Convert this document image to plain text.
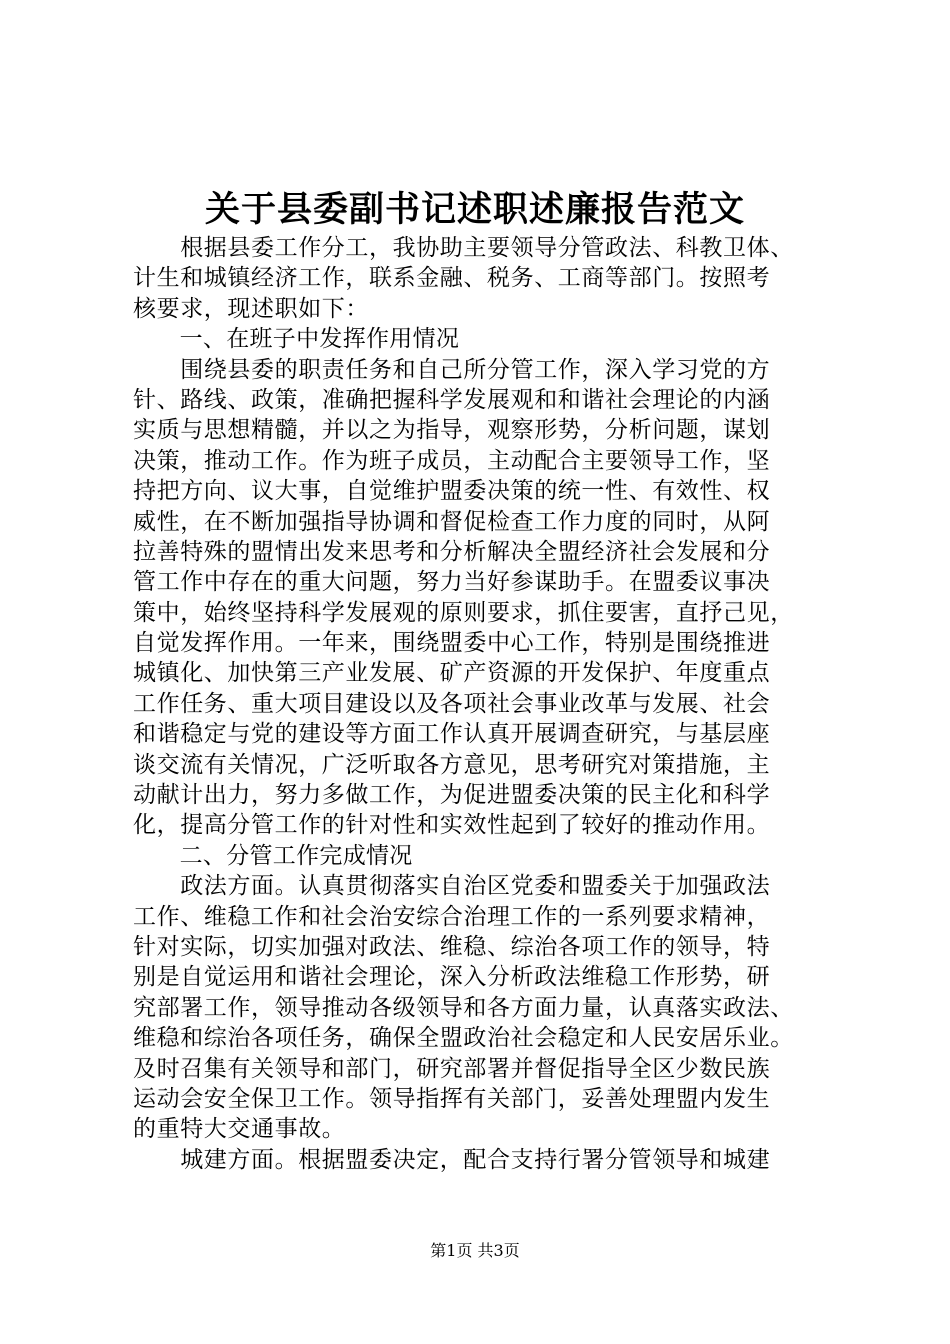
关于县委副书记述职述廉报告范文
　　根据县委工作分工，我协助主要领导分管政法、科教卫体、
计生和城镇经济工作，联系金融、税务、工商等部门。按照考
核要求，现述职如下：
　　一、在班子中发挥作用情况
　　围绕县委的职责任务和自己所分管工作，深入学习党的方
针、路线、政策，准确把握科学发展观和和谐社会理论的内涵
实质与思想精髓，并以之为指导，观察形势，分析问题，谋划
决策，推动工作。作为班子成员，主动配合主要领导工作，坚
持把方向、议大事，自觉维护盟委决策的统一性、有效性、权
威性，在不断加强指导协调和督促检查工作力度的同时，从阿
拉善特殊的盟情出发来思考和分析解决全盟经济社会发展和分
管工作中存在的重大问题，努力当好参谋助手。在盟委议事决
策中，始终坚持科学发展观的原则要求，抓住要害，直抒己见，
自觉发挥作用。一年来，围绕盟委中心工作，特别是围绕推进
城镇化、加快第三产业发展、矿产资源的开发保护、年度重点
工作任务、重大项目建设以及各项社会事业改革与发展、社会
和谐稳定与党的建设等方面工作认真开展调查研究，与基层座
谈交流有关情况，广泛听取各方意见，思考研究对策措施，主
动献计出力，努力多做工作，为促进盟委决策的民主化和科学
化，提高分管工作的针对性和实效性起到了较好的推动作用。
　　二、分管工作完成情况
　　政法方面。认真贯彻落实自治区党委和盟委关于加强政法
工作、维稳工作和社会治安综合治理工作的一系列要求精神，
针对实际，切实加强对政法、维稳、综治各项工作的领导，特
别是自觉运用和谐社会理论，深入分析政法维稳工作形势，研
究部署工作，领导推动各级领导和各方面力量，认真落实政法、
维稳和综治各项任务，确保全盟政治社会稳定和人民安居乐业。
及时召集有关领导和部门，研究部署并督促指导全区少数民族
运动会安全保卫工作。领导指挥有关部门，妥善处理盟内发生
的重特大交通事故。
　　城建方面。根据盟委决定，配合支持行署分管领导和城建
第1页 共3页
